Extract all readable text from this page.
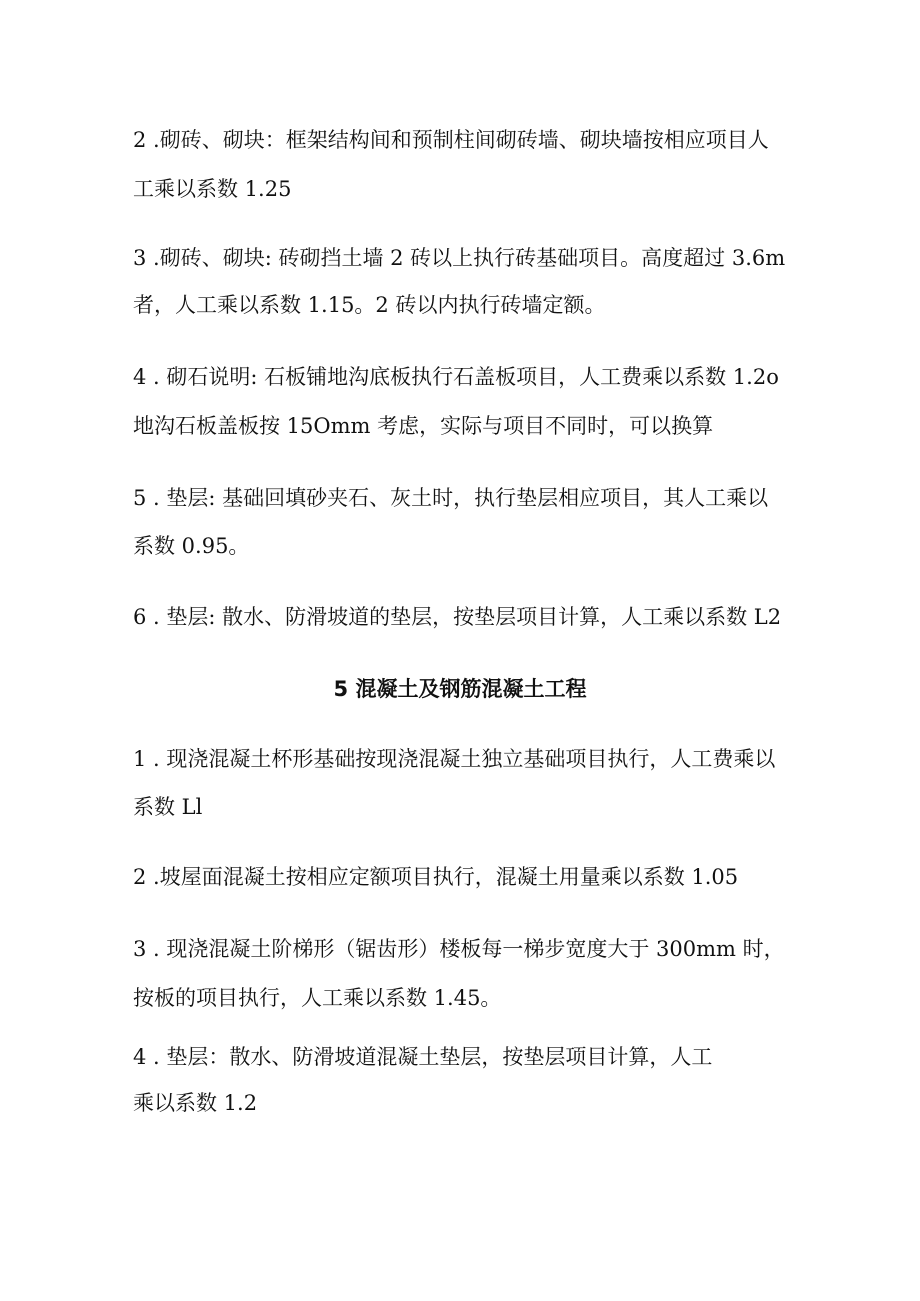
2 .砌砖、砌块：框架结构间和预制柱间砌砖墙、砌块墙按相应项目人
工乘以系数 1.25
3 .砌砖、砌块: 砖砌挡土墙 2 砖以上执行砖基础项目。高度超过 3.6m
者，人工乘以系数 1.15。2 砖以内执行砖墙定额。
4 . 砌石说明: 石板铺地沟底板执行石盖板项目，人工费乘以系数 1.2o
地沟石板盖板按 15Omm 考虑，实际与项目不同时，可以换算
5 . 垫层: 基础回填砂夹石、灰土时，执行垫层相应项目，其人工乘以
系数 0.95。
6 . 垫层: 散水、防滑坡道的垫层，按垫层项目计算，人工乘以系数 L2
5 混凝土及钢筋混凝土工程
1 . 现浇混凝土杯形基础按现浇混凝土独立基础项目执行，人工费乘以
系数 Ll
2 .坡屋面混凝土按相应定额项目执行，混凝土用量乘以系数 1.05
3 . 现浇混凝土阶梯形（锯齿形）楼板每一梯步宽度大于 300mm 时，
按板的项目执行，人工乘以系数 1.45。
4 . 垫层：散水、防滑坡道混凝土垫层，按垫层项目计算，人工
乘以系数 1.2
